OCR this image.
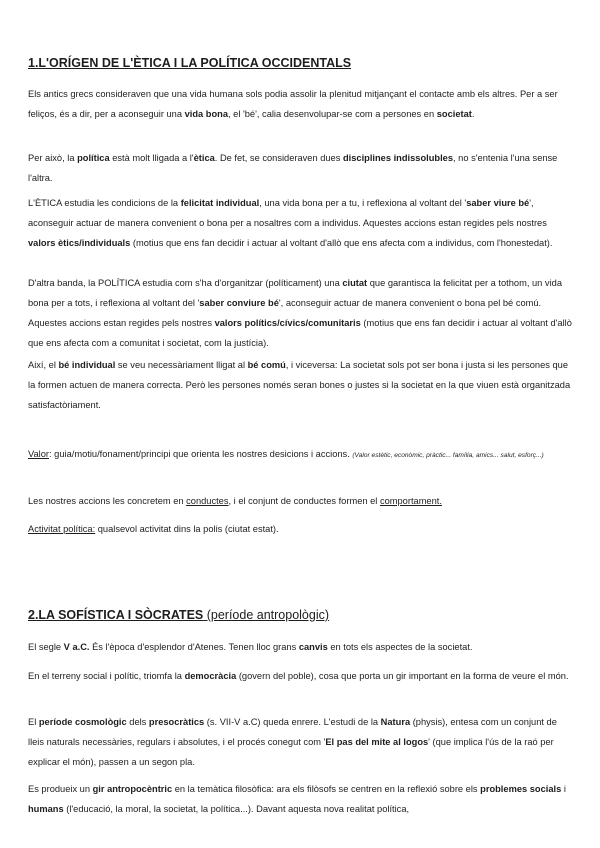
1.L'ORÍGEN DE L'ÈTICA I LA POLÍTICA OCCIDENTALS
Els antics grecs consideraven que una vida humana sols podia assolir la plenitud mitjançant el contacte amb els altres. Per a ser feliços, és a dir, per a aconseguir una vida bona, el 'bé', calia desenvolupar-se com a persones en societat.
Per això, la política està molt lligada a l'ètica. De fet, se consideraven dues disciplines indissolubles, no s'entenia l'una sense l'altra.
L'ÈTICA estudia les condicions de la felicitat individual, una vida bona per a tu, i reflexiona al voltant del 'saber viure bé', aconseguir actuar de manera convenient o bona per a nosaltres com a individus. Aquestes accions estan regides pels nostres valors ètics/individuals (motius que ens fan decidir i actuar al voltant d'allò que ens afecta com a individus, com l'honestedat).
D'altra banda, la POLÍTICA estudia com s'ha d'organitzar (políticament) una ciutat que garantisca la felicitat per a tothom, un vida bona per a tots, i reflexiona al voltant del 'saber conviure bé', aconseguir actuar de manera convenient o bona pel bé comú. Aquestes accions estan regides pels nostres valors polítics/cívics/comunitaris (motius que ens fan decidir i actuar al voltant d'allò que ens afecta com a comunitat i societat, com la justícia).
Així, el bé individual se veu necessàriament lligat al bé comú, i viceversa: La societat sols pot ser bona i justa si les persones que la formen actuen de manera correcta. Però les persones només seran bones o justes si la societat en la que viuen està organitzada satisfactòriament.
Valor: guia/motiu/fonament/principi que orienta les nostres desicions i accions. (Valor estètic, econòmic, pràctic... família, amics... salut, esforç...)
Les nostres accions les concretem en conductes, i el conjunt de conductes formen el comportament.
Activitat política: qualsevol activitat dins la polis (ciutat estat).
2.LA SOFÍSTICA I SÒCRATES (període antropològic)
El segle V a.C. És l'època d'esplendor d'Atenes. Tenen lloc grans canvis en tots els aspectes de la societat.
En el terreny social i polític, triomfa la democràcia (govern del poble), cosa que porta un gir important en la forma de veure el món.
El període cosmològic dels presocràtics (s. VII-V a.C) queda enrere. L'estudi de la Natura (physis), entesa com un conjunt de lleis naturals necessàries, regulars i absolutes, i el procés conegut com 'El pas del mite al logos' (que implica l'ús de la raó per explicar el món), passen a un segon pla.
Es produeix un gir antropocèntric en la temàtica filosòfica: ara els filòsofs se centren en la reflexió sobre els problemes socials i humans (l'educació, la moral, la societat, la política...). Davant aquesta nova realitat política,
